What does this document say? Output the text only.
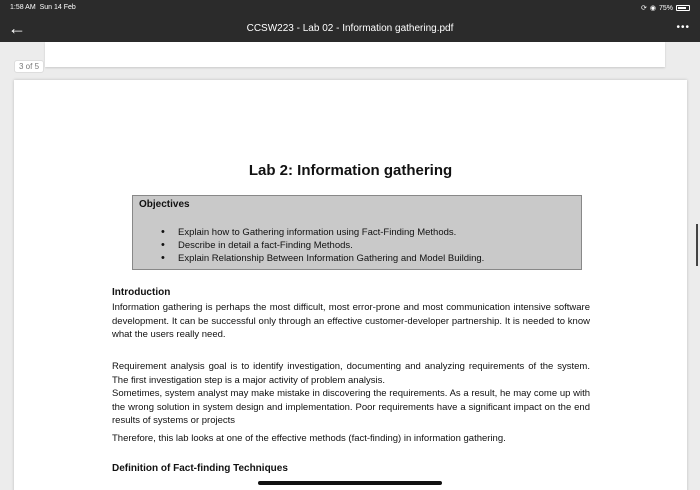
1:58 AM Sun 14 Feb	⟳ ◉ 75%
←	CCSW223 - Lab 02 - Information gathering.pdf	•••
3 of 5
Lab 2: Information gathering
Objectives
• Explain how to Gathering information using Fact-Finding Methods.
• Describe in detail a fact-Finding Methods.
• Explain Relationship Between Information Gathering and Model Building.
Introduction
Information gathering is perhaps the most difficult, most error-prone and most communication intensive software development. It can be successful only through an effective customer-developer partnership. It is needed to know what the users really need.
Requirement analysis goal is to identify investigation, documenting and analyzing requirements of the system. The first investigation step is a major activity of problem analysis.
Sometimes, system analyst may make mistake in discovering the requirements. As a result, he may come up with the wrong solution in system design and implementation. Poor requirements have a significant impact on the end results of systems or projects
Therefore, this lab looks at one of the effective methods (fact-finding) in information gathering.
Definition of Fact-finding Techniques
